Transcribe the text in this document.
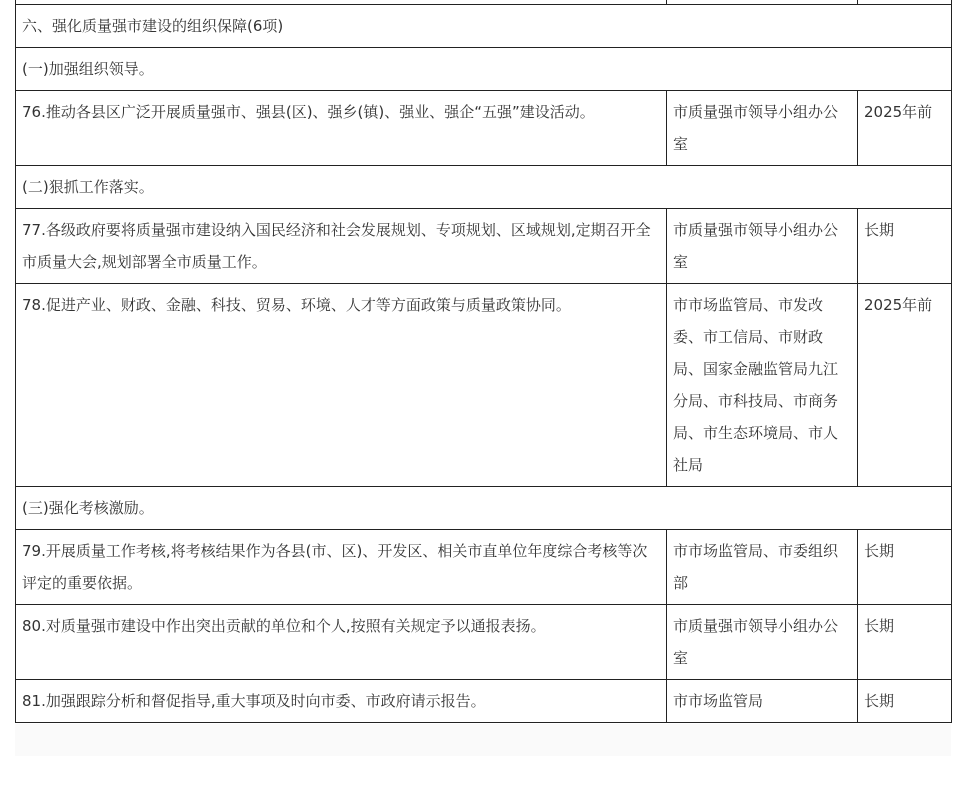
六、强化质量强市建设的组织保障(6项)		
(一)加强组织领导。		
76.推动各县区广泛开展质量强市、强县(区)、强乡(镇)、强业、强企“五强”建设活动。	市质量强市领导小组办公室	2025年前
(二)狠抓工作落实。		
77.各级政府要将质量强市建设纳入国民经济和社会发展规划、专项规划、区域规划,定期召开全市质量大会,规划部署全市质量工作。	市质量强市领导小组办公室	长期
78.促进产业、财政、金融、科技、贸易、环境、人才等方面政策与质量政策协同。	市市场监管局、市发改委、市工信局、市财政局、国家金融监管局九江分局、市科技局、市商务局、市生态环境局、市人社局	2025年前
(三)强化考核激励。		
79.开展质量工作考核,将考核结果作为各县(市、区)、开发区、相关市直单位年度综合考核等次评定的重要依据。	市市场监管局、市委组织部	长期
80.对质量强市建设中作出突出贡献的单位和个人,按照有关规定予以通报表扬。	市质量强市领导小组办公室	长期
81.加强跟踪分析和督促指导,重大事项及时向市委、市政府请示报告。	市市场监管局	长期
